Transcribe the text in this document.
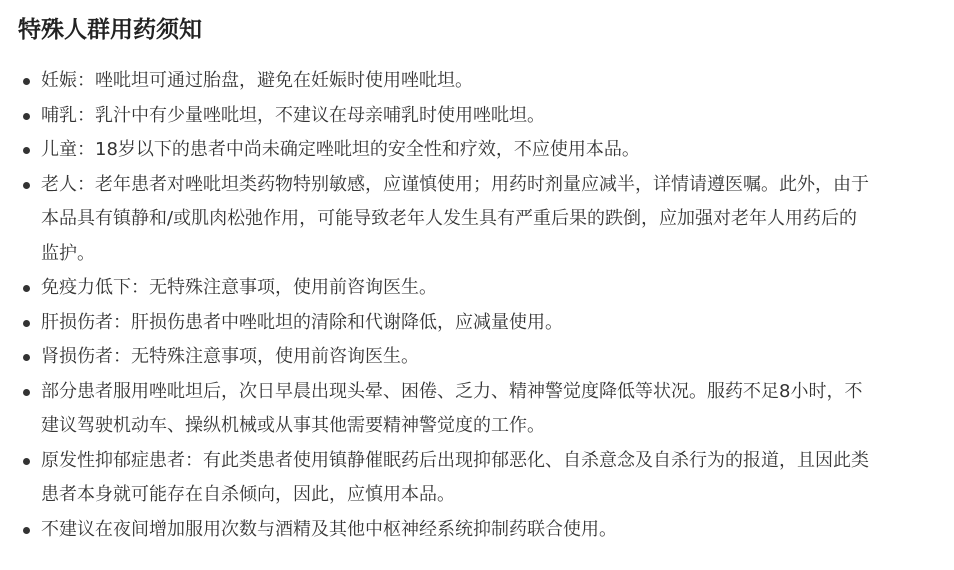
特殊人群用药须知
妊娠：唑吡坦可通过胎盘，避免在妊娠时使用唑吡坦。
哺乳：乳汁中有少量唑吡坦，不建议在母亲哺乳时使用唑吡坦。
儿童：18岁以下的患者中尚未确定唑吡坦的安全性和疗效，不应使用本品。
老人：老年患者对唑吡坦类药物特别敏感，应谨慎使用；用药时剂量应减半，详情请遵医嘱。此外，由于
本品具有镇静和/或肌肉松弛作用，可能导致老年人发生具有严重后果的跌倒，应加强对老年人用药后的
监护。
免疫力低下：无特殊注意事项，使用前咨询医生。
肝损伤者：肝损伤患者中唑吡坦的清除和代谢降低，应减量使用。
肾损伤者：无特殊注意事项，使用前咨询医生。
部分患者服用唑吡坦后，次日早晨出现头晕、困倦、乏力、精神警觉度降低等状况。服药不足8小时，不
建议驾驶机动车、操纵机械或从事其他需要精神警觉度的工作。
原发性抑郁症患者：有此类患者使用镇静催眠药后出现抑郁恶化、自杀意念及自杀行为的报道，且因此类
患者本身就可能存在自杀倾向，因此，应慎用本品。
不建议在夜间增加服用次数与酒精及其他中枢神经系统抑制药联合使用。
